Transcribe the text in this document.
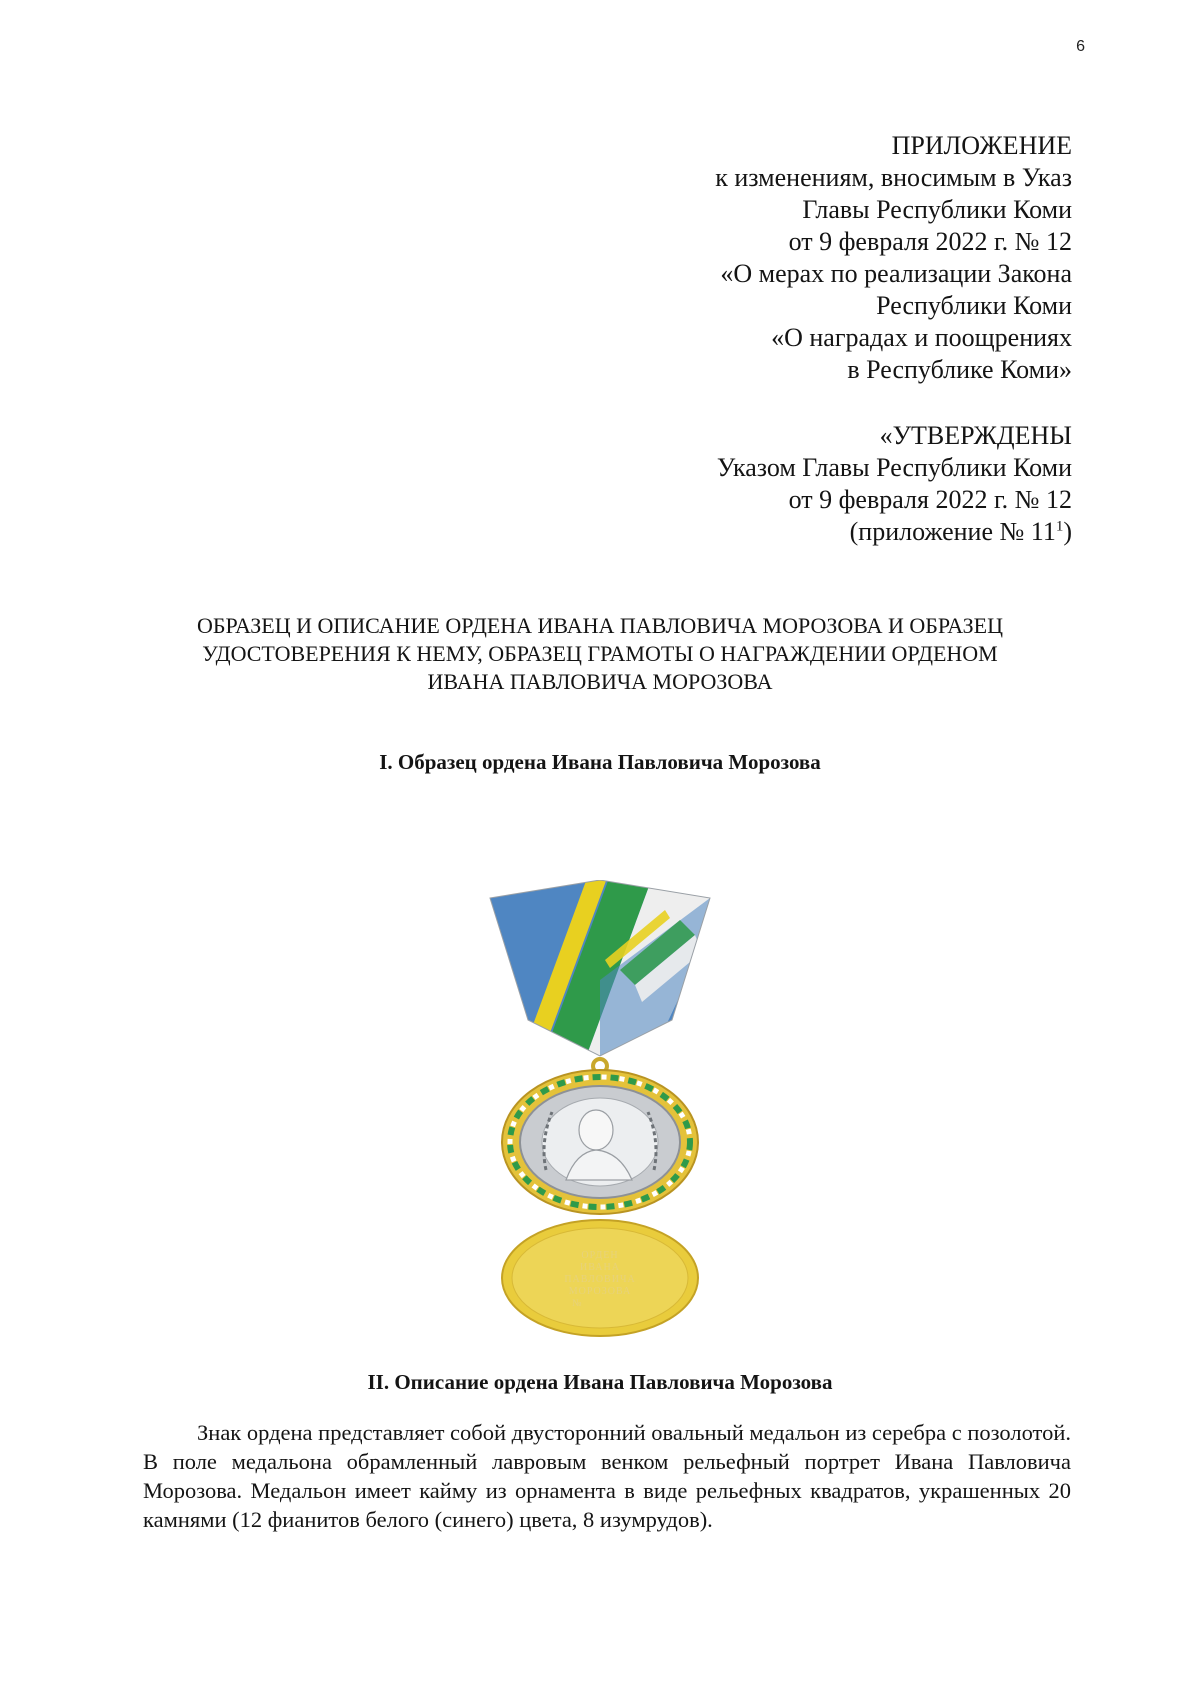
6
ПРИЛОЖЕНИЕ
к изменениям, вносимым в Указ
Главы Республики Коми
от 9 февраля 2022 г. № 12
«О мерах по реализации Закона
Республики Коми
«О наградах и поощрениях
в Республике Коми»
«УТВЕРЖДЕНЫ
Указом Главы Республики Коми
от 9 февраля 2022 г. № 12
(приложение № $11^1$)
ОБРАЗЕЦ И ОПИСАНИЕ ОРДЕНА ИВАНА ПАВЛОВИЧА МОРОЗОВА И ОБРАЗЕЦ
УДОСТОВЕРЕНИЯ К НЕМУ, ОБРАЗЕЦ ГРАМОТЫ О НАГРАЖДЕНИИ ОРДЕНОМ
ИВАНА ПАВЛОВИЧА МОРОЗОВА
I. Образец ордена Ивана Павловича Морозова
ОРДЕН
ИВАНА
ПАВЛОВИЧА
МОРОЗОВА
№
II. Описание ордена Ивана Павловича Морозова
Знак ордена представляет собой двусторонний овальный медальон из серебра с позолотой. В поле медальона обрамленный лавровым венком рельефный портрет Ивана Павловича Морозова. Медальон имеет кайму из орнамента в виде рельефных квадратов, украшенных 20 камнями (12 фианитов белого (синего) цвета, 8 изумрудов).
